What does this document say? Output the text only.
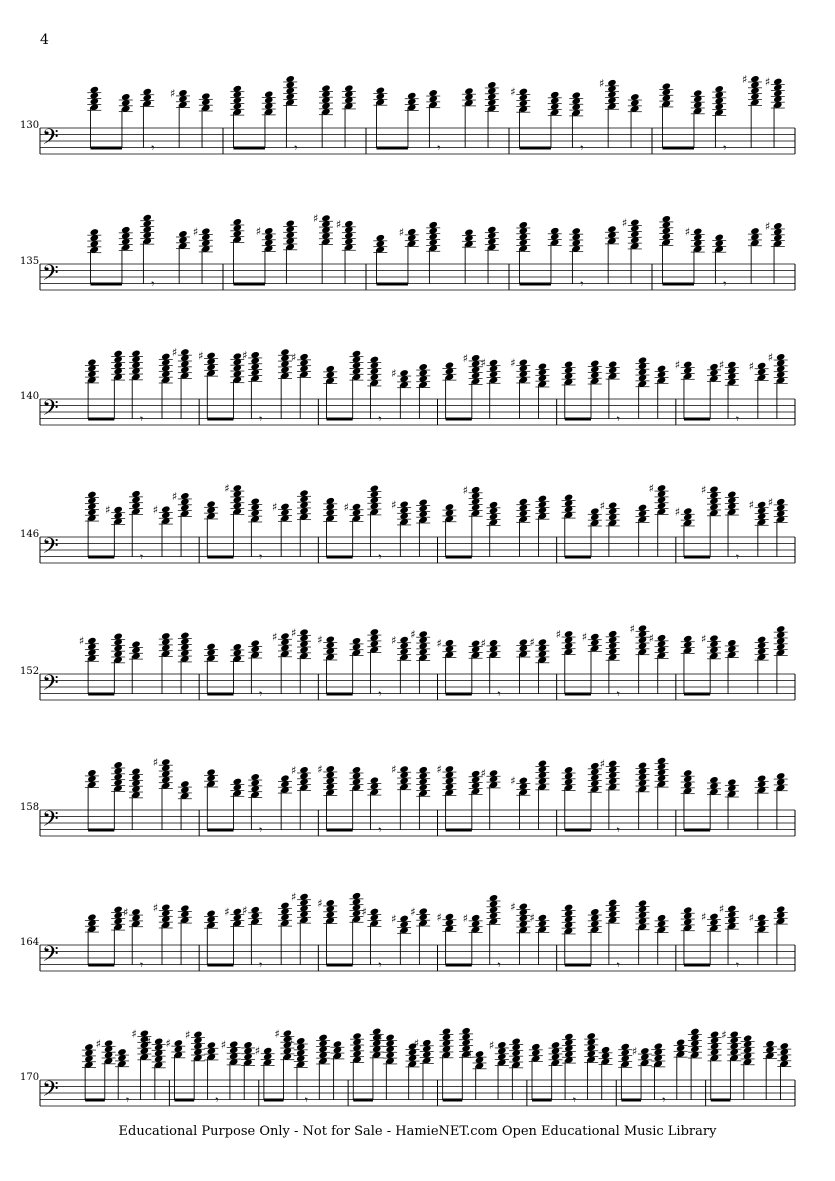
4
130
135
140
146
152
158
164
170
𝄢	𝄾
♯
𝄾	𝄾
♯
𝄾
♯
𝄾
♯ ♯
𝄢	𝄾
♯	♯
♯ ♯
♯
𝄾
♯
♯
𝄾
♯
𝄢	𝄾
♯ ♯	♯
𝄾
♯
𝄾
♯
♯ ♯ ♯
𝄾
♯	♯
𝄾
♯
♯
𝄢
♯
𝄾
♯
♯
♯
𝄾
♯	♯
𝄾
♯
♯
♯
♯
♯
♯
𝄾
♯ ♯
𝄢
♯
𝄾
♯ ♯
♯
𝄾
♯ ♯
♯	♯
𝄾
♯
♯ ♯
𝄾
♯
♯	♯
𝄢
♯
𝄾
♯ ♯
𝄾
♯	♯	♯
♯
♯
𝄾
𝄢
♯
𝄾
♯	♯ ♯
𝄾
♯ ♯
♯
𝄾
♯
♯ ♯ ♯
𝄾
♯
♯
𝄾
♯
♯
𝄾
♯
𝄢
♯
𝄾
♯
♯ ♯
♯
𝄾
♯	♯
♯
♯
𝄾
♯	♯
♯
♯
𝄾
♯
𝄾
♯
Educational Purpose Only - Not for Sale - HamieNET.com Open Educational Music Library
